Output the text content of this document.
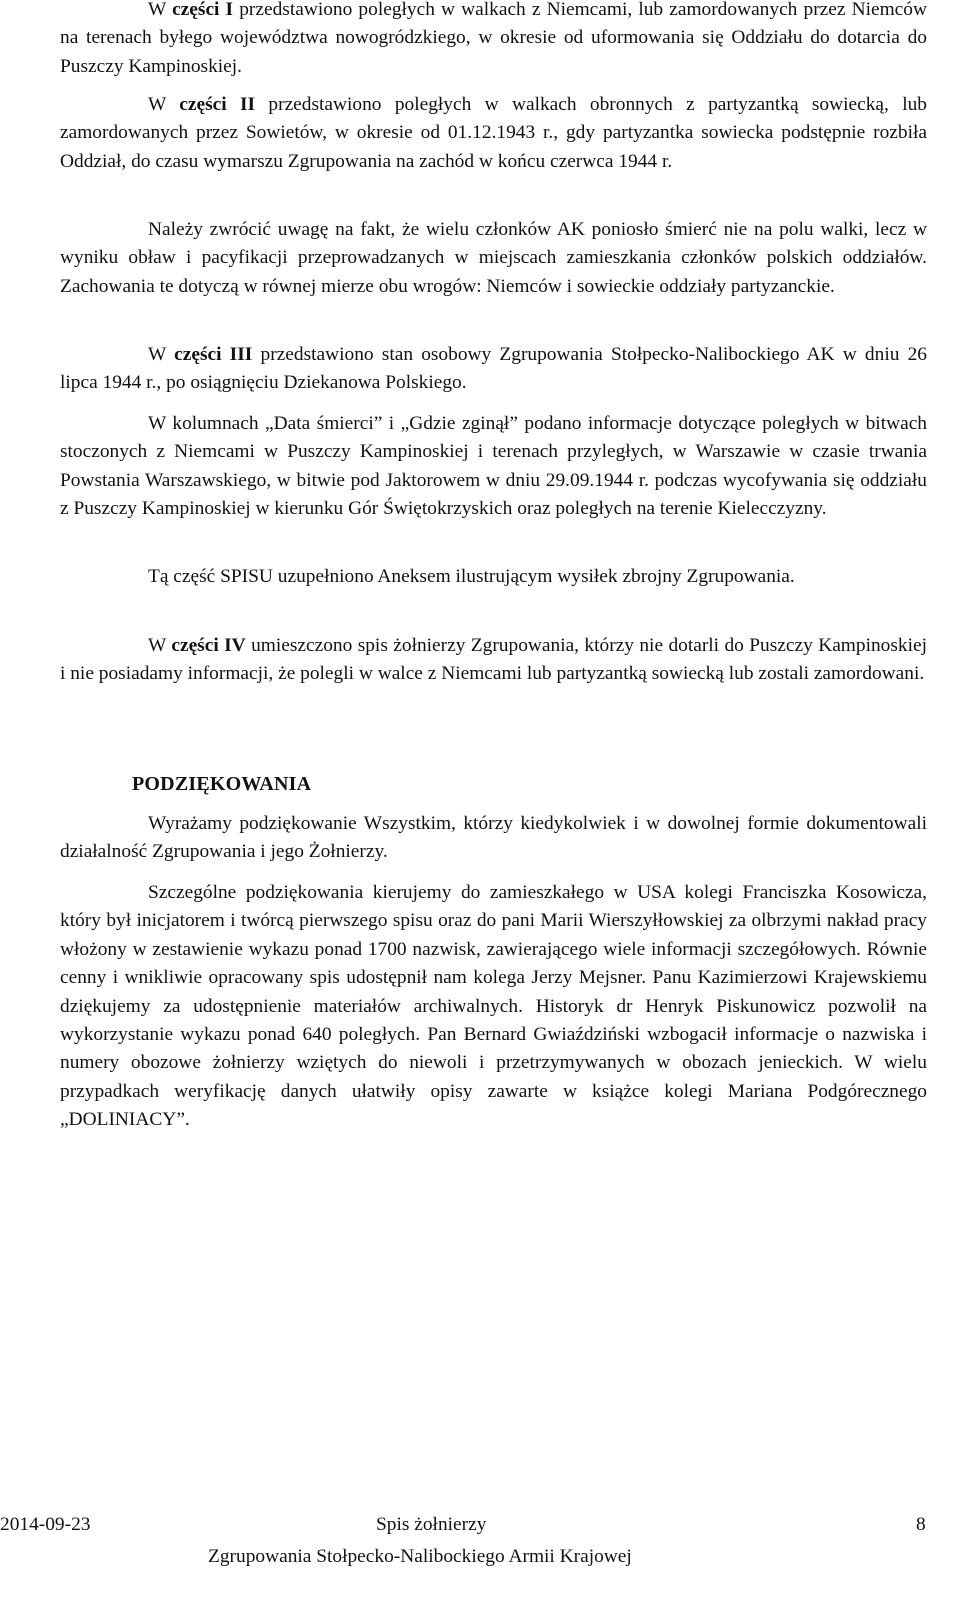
W części I przedstawiono poległych w walkach z Niemcami, lub zamordowanych przez Niemców na terenach byłego województwa nowogródzkiego, w okresie od uformowania się Oddziału do dotarcia do Puszczy Kampinoskiej.

W części II przedstawiono poległych w walkach obronnych z partyzantką sowiecką, lub zamordowanych przez Sowietów, w okresie od 01.12.1943 r., gdy partyzantka sowiecka podstępnie rozbiła Oddział, do czasu wymarszu Zgrupowania na zachód w końcu czerwca 1944 r.

Należy zwrócić uwagę na fakt, że wielu członków AK poniosło śmierć nie na polu walki, lecz w wyniku obław i pacyfikacji przeprowadzanych w miejscach zamieszkania członków polskich oddziałów. Zachowania te dotyczą w równej mierze obu wrogów: Niemców i sowieckie oddziały partyzanckie.

W części III przedstawiono stan osobowy Zgrupowania Stołpecko-Nalibockiego AK w dniu 26 lipca 1944 r., po osiągnięciu Dziekanowa Polskiego.

W kolumnach „Data śmierci” i „Gdzie zginął” podano informacje dotyczące poległych w bitwach stoczonych z Niemcami w Puszczy Kampinoskiej i terenach przyległych, w Warszawie w czasie trwania Powstania Warszawskiego, w bitwie pod Jaktorowem w dniu 29.09.1944 r. podczas wycofywania się oddziału z Puszczy Kampinoskiej w kierunku Gór Świętokrzyskich oraz poległych na terenie Kielecczyzny.

Tą część SPISU uzupełniono Aneksem ilustrującym wysiłek zbrojny Zgrupowania.

W części IV umieszczono spis żołnierzy Zgrupowania, którzy nie dotarli do Puszczy Kampinoskiej i nie posiadamy informacji, że polegli w walce z Niemcami lub partyzantką sowiecką lub zostali zamordowani.

PODZIĘKOWANIA

Wyrażamy podziękowanie Wszystkim, którzy kiedykolwiek i w dowolnej formie dokumentowali działalność Zgrupowania i jego Żołnierzy.

Szczególne podziękowania kierujemy do zamieszkałego w USA kolegi Franciszka Kosowicza, który był inicjatorem i twórcą pierwszego spisu oraz do pani Marii Wierszyłłowskiej za olbrzymi nakład pracy włożony w zestawienie wykazu ponad 1700 nazwisk, zawierającego wiele informacji szczegółowych. Równie cenny i wnikliwie opracowany spis udostępnił nam kolega Jerzy Mejsner. Panu Kazimierzowi Krajewskiemu dziękujemy za udostępnienie materiałów archiwalnych. Historyk dr Henryk Piskunowicz pozwolił na wykorzystanie wykazu ponad 640 poległych. Pan Bernard Gwiaździński wzbogacił informacje o nazwiska i numery obozowe żołnierzy wziętych do niewoli i przetrzymywanych w obozach jenieckich. W wielu przypadkach weryfikację danych ułatwiły opisy zawarte w książce kolegi Mariana Podgórecznego „DOLINIACY”.

2014-09-23	Spis żołnierzy	8
Zgrupowania Stołpecko-Nalibockiego Armii Krajowej
